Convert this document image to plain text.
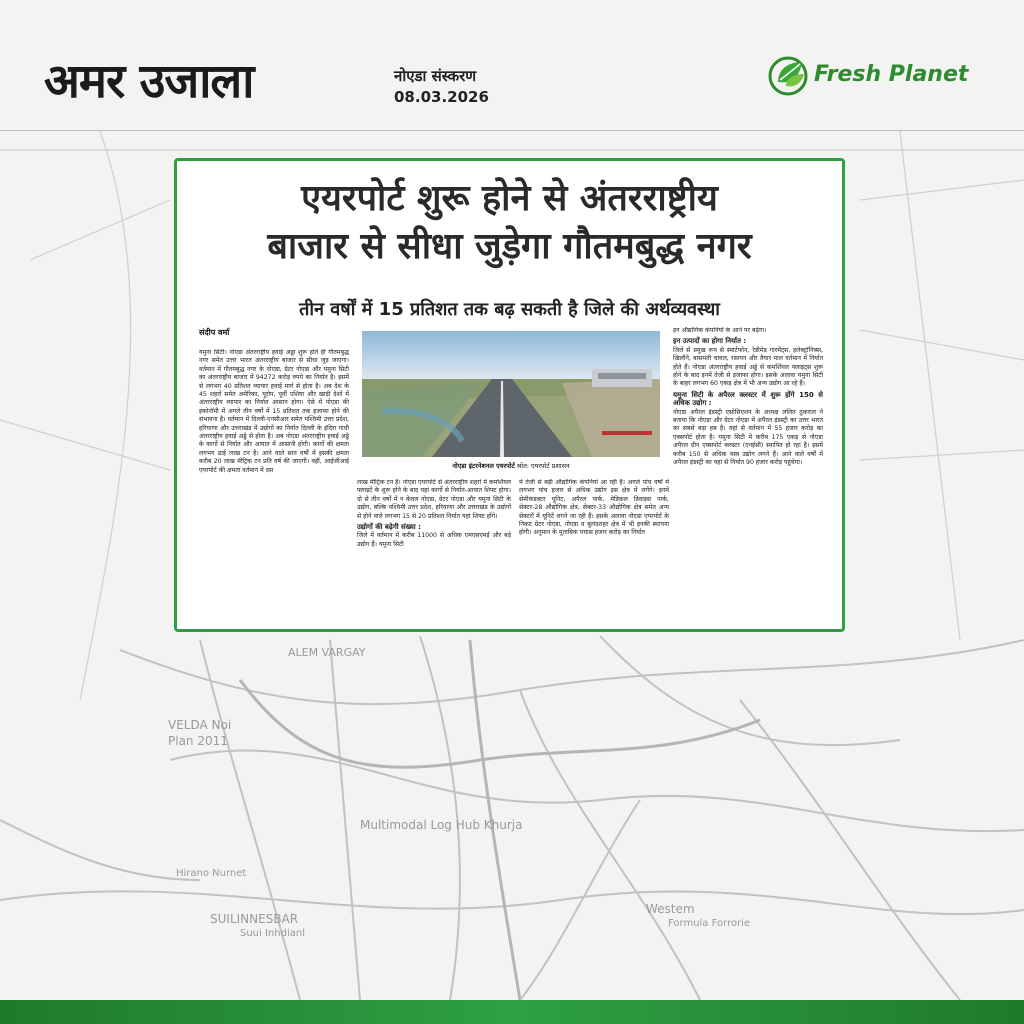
ALEM VARGAY
VELDA Noi
Plan 2011
Multimodal Log Hub Khurja
Hirano Nurnet
SUILINNESBAR
Suui Inhdianl
Westem
Formula Forrorie
अमर उजाला	नोएडा संस्करण
08.03.2026
Fresh Planet
एयरपोर्ट शुरू होने से अंतरराष्ट्रीय
बाजार से सीधा जुड़ेगा गौतमबुद्ध नगर
तीन वर्षों में 15 प्रतिशत तक बढ़ सकती है जिले की अर्थव्यवस्था
संदीप वर्मा
यमुना सिटी। नोएडा अंतरराष्ट्रीय हवाई अड्डा शुरू होते ही गौतमबुद्ध नगर समेत उत्तर भारत अंतरराष्ट्रीय बाजार से सीधा जुड़ जाएगा। वर्तमान में गौतमबुद्ध नगर के नोएडा, ग्रेटर नोएडा और यमुना सिटी का अंतरराष्ट्रीय बाजार में 94272 करोड़ रुपये का निर्यात है। इसमें से लगभग 40 प्रतिशत व्यापार हवाई मार्ग से होता है। अब देश के 45 शहरों समेत अमेरिका, यूरोप, पूर्वी एशिया और खाड़ी देशों में अंतरराष्ट्रीय व्यापार का निर्यात आसान होगा। ऐसे में नोएडा की इकोनॉमी में अगले तीन वर्षों में 15 प्रतिशत तक इजाफा होने की संभावना है। वर्तमान में दिल्ली-एनसीआर समेत पश्चिमी उत्तर प्रदेश, हरियाणा और उत्तराखंड में उद्योगों का निर्यात दिल्ली के इंदिरा गांधी अंतरराष्ट्रीय हवाई अड्डे से होता है। अब नोएडा अंतरराष्ट्रीय हवाई अड्डे के कार्गो से निर्यात और आयात में आसानी होगी। कार्गो की क्षमता लगभग ढाई लाख टन है। आने वाले सात वर्षों में इसकी क्षमता करीब 20 लाख मीट्रिक टन प्रति वर्ष की जाएगी। वहीं, आईजीआई एयरपोर्ट की क्षमता वर्तमान में दस
नोएडा इंटरनेशनल एयरपोर्ट स्रोत: एयरपोर्ट प्रशासन
लाख मीट्रिक टन है। नोएडा एयरपोर्ट से अंतरराष्ट्रीय शहरों में कमर्शियल फ्लाइटें के शुरू होने के बाद यहां कार्गो से निर्यात-आयात शिफ्ट होगा। दो से तीन वर्षों में न केवल नोएडा, ग्रेटर नोएडा और यमुना सिटी के उद्योग, बल्कि पश्चिमी उत्तर प्रदेश, हरियाणा और उत्तराखंड के उद्योगों से होने वाले लगभग 15 से 20 प्रतिशत निर्यात यहां शिफ्ट होंगे।
उद्योगों की बढ़ेगी संख्या :
जिले में वर्तमान में करीब 11000 से अधिक एमएसएमई और बड़े उद्योग हैं। यमुना सिटी
में तेजी से बड़ी औद्योगिक कंपनियां आ रही हैं। अगले पांच वर्षों में लगभग पांच हजार से अधिक उद्योग इस क्षेत्र में लगेंगे। इनमें सेमीकंडक्टर यूनिट, अपैरल पार्क, मेडिकल डिवाइस पार्क, सेक्टर-28 औद्योगिक क्षेत्र, सेक्टर-33 औद्योगिक क्षेत्र समेत अन्य सेक्टरों में यूनिटें लगने जा रही हैं। इसके अलावा नोएडा एयरपोर्ट के निकट ग्रेटर नोएडा, नोएडा व बुलंदशहर क्षेत्र में भी इनकी स्थापना होगी। अनुमान के मुताबिक पचास हजार करोड़ का निर्यात
इन औद्योगिक कंपनियों के आने पर बढ़ेगा।
इन उत्पादों का होगा निर्यात :
जिले से प्रमुख रूप से स्मार्टफोन, रेडीमेड गारमेंट्स, इलेक्ट्रॉनिक्स, खिलौने, बासमती चावल, रसायन और तैयार माल वर्तमान में निर्यात होते हैं। नोएडा अंतरराष्ट्रीय हवाई अड्डे से कमर्शियल फ्लाइट्स शुरू होने के बाद इनमें तेजी से इजाफा होगा। इसके अलावा यमुना सिटी के बाहर लगभग 60 एकड़ क्षेत्र में भी अन्य उद्योग आ रहे हैं।
यमुना सिटी के अपैरल क्लस्टर में शुरू होंगे 150 से अधिक उद्योग :
नोएडा अपैरल इंडस्ट्री एसोसिएशन के अध्यक्ष ललित ठुकराल ने बताया कि नोएडा और ग्रेटर नोएडा में अपैरल इंडस्ट्री का उत्तर भारत का सबसे बड़ा हब है। यहां से वर्तमान में 55 हजार करोड़ का एक्सपोर्ट होता है। यमुना सिटी में करीब 175 एकड़ से नोएडा अपैरल ग्रीन एक्सपोर्ट क्लस्टर (एनईसी) स्थापित हो रहा है। इसमें करीब 150 से अधिक वस्त्र उद्योग लगने हैं। आने वाले वर्षों में अपैरल इंडस्ट्री का यहां से निर्यात 90 हजार करोड़ पहुंचेगा।
